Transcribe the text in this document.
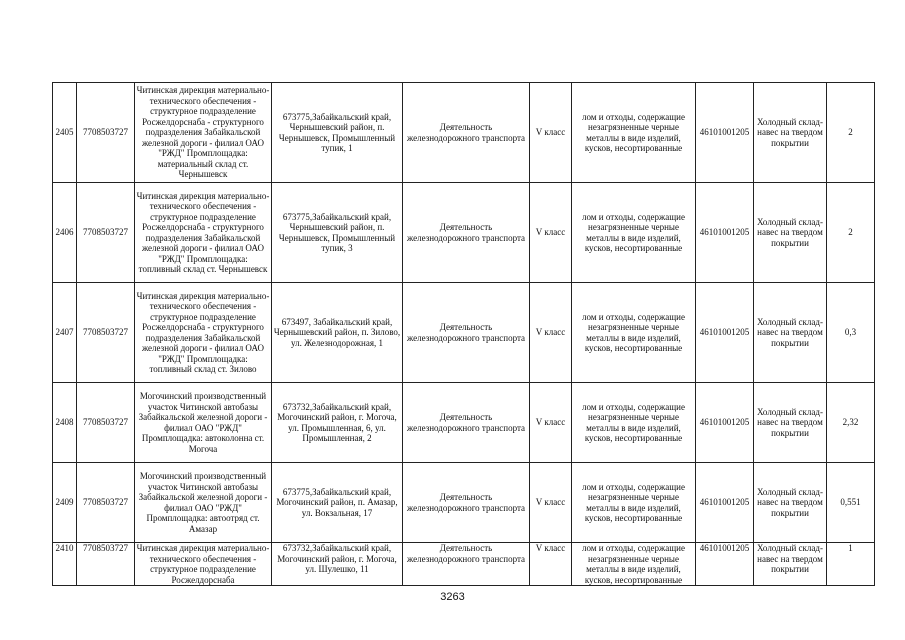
2405	7708503727	Читинская дирекция материально-технического обеспечения - структурное подразделение Росжелдорснаба - структурного подразделения Забайкальской железной дороги - филиал ОАО "РЖД" Промплощадка: материальный склад ст. Чернышевск	673775,Забайкальский край, Чернышевский район, п. Чернышевск, Промышленный тупик, 1	Деятельность железнодорожного транспорта	V класс	лом и отходы, содержащие незагрязненные черные металлы в виде изделий, кусков, несортированные	46101001205	Холодный склад-навес на твердом покрытии	2
2406	7708503727	Читинская дирекция материально-технического обеспечения - структурное подразделение Росжелдорснаба - структурного подразделения Забайкальской железной дороги - филиал ОАО "РЖД" Промплощадка: топливный склад ст. Чернышевск	673775,Забайкальский край, Чернышевский район, п. Чернышевск, Промышленный тупик, 3	Деятельность железнодорожного транспорта	V класс	лом и отходы, содержащие незагрязненные черные металлы в виде изделий, кусков, несортированные	46101001205	Холодный склад-навес на твердом покрытии	2
2407	7708503727	Читинская дирекция материально-технического обеспечения - структурное подразделение Росжелдорснаба - структурного подразделения Забайкальской железной дороги - филиал ОАО "РЖД" Промплощадка: топливный склад ст. Зилово	673497, Забайкальский край, Чернышевский район, п. Зилово, ул. Железнодорожная, 1	Деятельность железнодорожного транспорта	V класс	лом и отходы, содержащие незагрязненные черные металлы в виде изделий, кусков, несортированные	46101001205	Холодный склад-навес на твердом покрытии	0,3
2408	7708503727	Могочинский производственный участок Читинской автобазы Забайкальской железной дороги - филиал ОАО "РЖД" Промплощадка: автоколонна ст. Могоча	673732,Забайкальский край, Могочинский район, г. Могоча, ул. Промышленная, 6, ул. Промышленная, 2	Деятельность железнодорожного транспорта	V класс	лом и отходы, содержащие незагрязненные черные металлы в виде изделий, кусков, несортированные	46101001205	Холодный склад-навес на твердом покрытии	2,32
2409	7708503727	Могочинский производственный участок Читинской автобазы Забайкальской железной дороги - филиал ОАО "РЖД" Промплощадка: автоотряд ст. Амазар	673775,Забайкальский край, Могочинский район, п. Амазар, ул. Вокзальная, 17	Деятельность железнодорожного транспорта	V класс	лом и отходы, содержащие незагрязненные черные металлы в виде изделий, кусков, несортированные	46101001205	Холодный склад-навес на твердом покрытии	0,551
2410	7708503727	Читинская дирекция материально-технического обеспечения - структурное подразделение Росжелдорснаба	673732,Забайкальский край, Могочинский район, г. Могоча, ул. Шулешко, 11	Деятельность железнодорожного транспорта	V класс	лом и отходы, содержащие незагрязненные черные металлы в виде изделий, кусков, несортированные	46101001205	Холодный склад-навес на твердом покрытии	1
3263
